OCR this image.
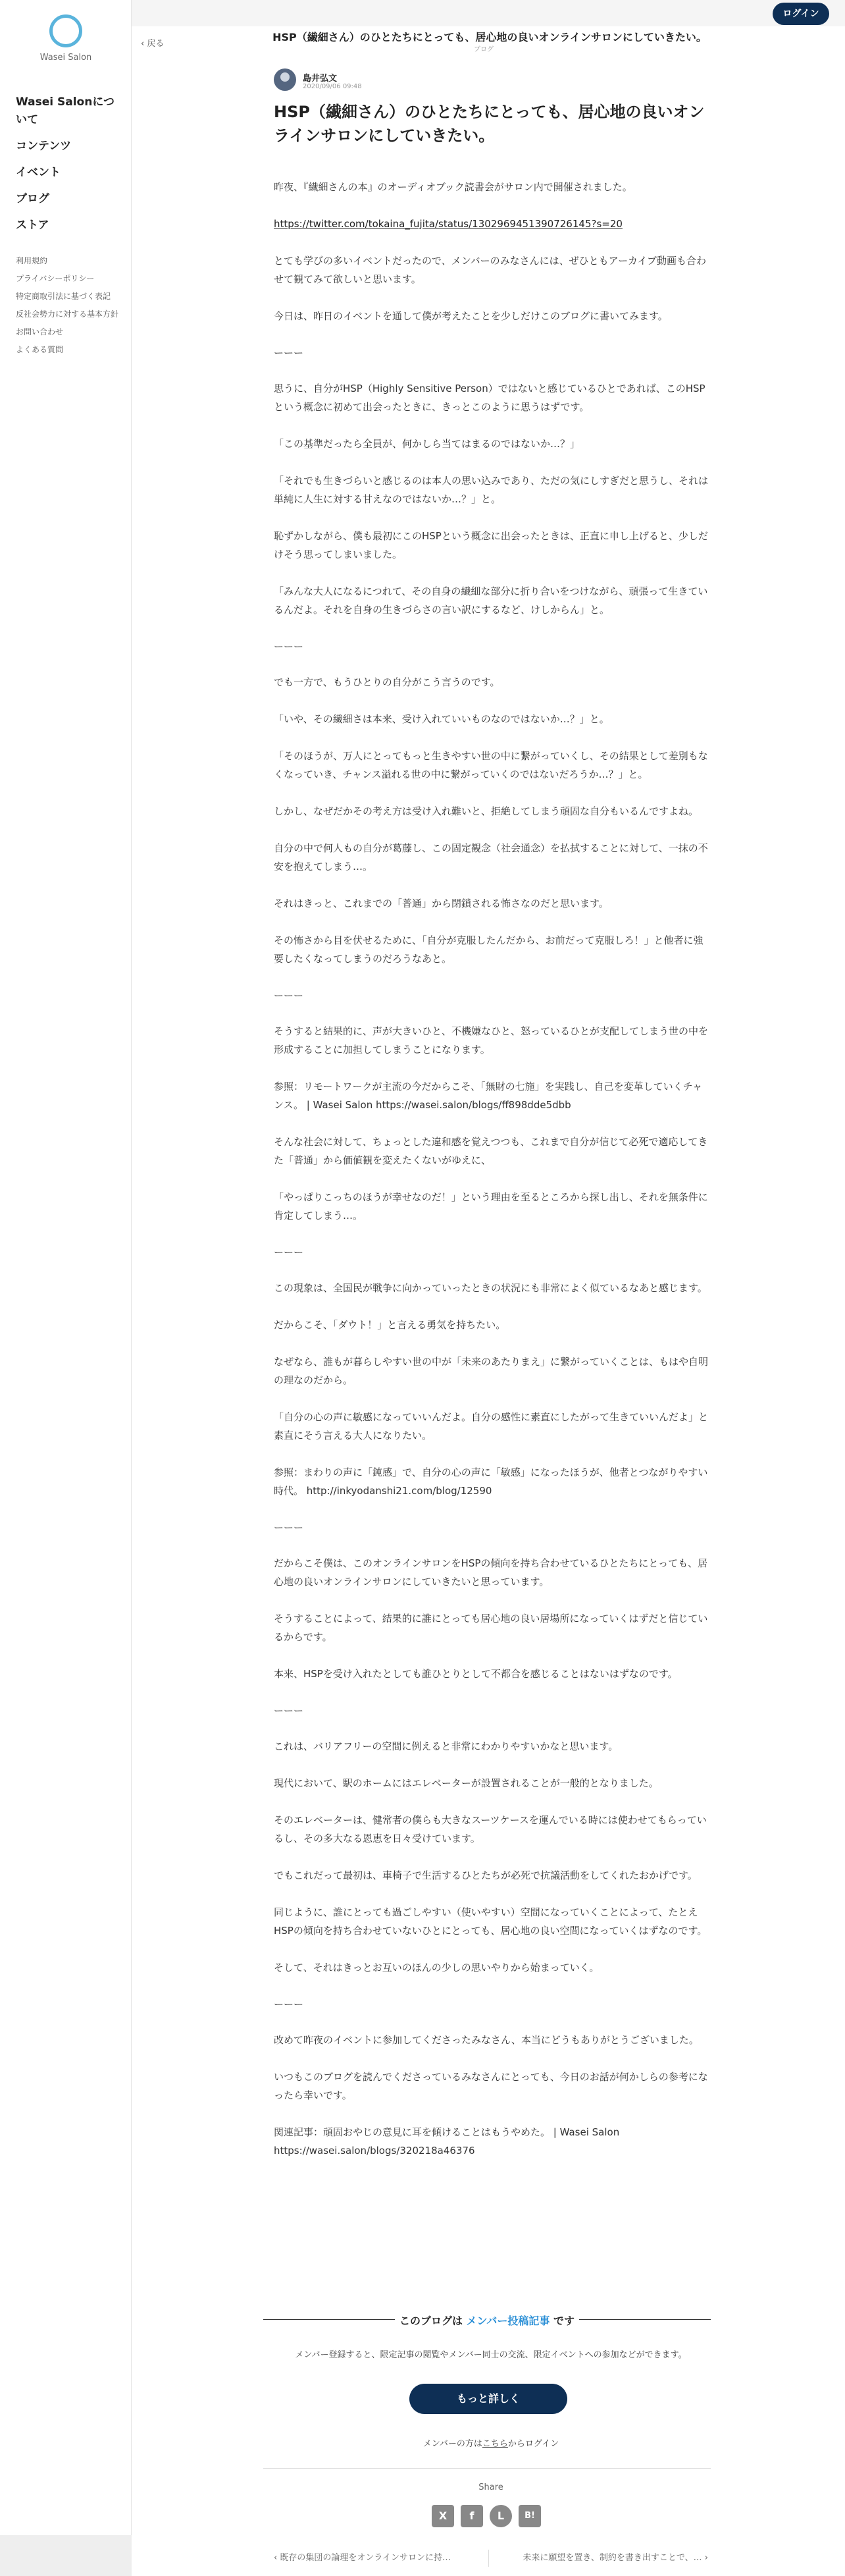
Wasei Salon
Wasei Salonについて
コンテンツ
イベント
ブログ
ストア
利用規約
プライバシーポリシー
特定商取引法に基づく表記
反社会勢力に対する基本方針
お問い合わせ
よくある質問
ログイン
‹ 戻る
HSP（繊細さん）のひとたちにとっても、居心地の良いオンラインサロンにしていきたい。
ブログ
島井弘文
2020/09/06 09:48
HSP（繊細さん）のひとたちにとっても、居心地の良いオンラインサロンにしていきたい。

昨夜、『繊細さんの本』のオーディオブック読書会がサロン内で開催されました。

https://twitter.com/tokaina_fujita/status/1302969451390726145?s=20

とても学びの多いイベントだったので、メンバーのみなさんには、ぜひともアーカイブ動画も合わせて観てみて欲しいと思います。

今日は、昨日のイベントを通して僕が考えたことを少しだけこのブログに書いてみます。

ーーー

思うに、自分がHSP（Highly Sensitive Person）ではないと感じているひとであれば、このHSPという概念に初めて出会ったときに、きっとこのように思うはずです。

「この基準だったら全員が、何かしら当てはまるのではないか…？」

「それでも生きづらいと感じるのは本人の思い込みであり、ただの気にしすぎだと思うし、それは単純に人生に対する甘えなのではないか…？」と。

恥ずかしながら、僕も最初にこのHSPという概念に出会ったときは、正直に申し上げると、少しだけそう思ってしまいました。

「みんな大人になるにつれて、その自身の繊細な部分に折り合いをつけながら、頑張って生きているんだよ。それを自身の生きづらさの言い訳にするなど、けしからん」と。

ーーー

でも一方で、もうひとりの自分がこう言うのです。

「いや、その繊細さは本来、受け入れていいものなのではないか…？」と。

「そのほうが、万人にとってもっと生きやすい世の中に繋がっていくし、その結果として差別もなくなっていき、チャンス溢れる世の中に繋がっていくのではないだろうか…？」と。

しかし、なぜだかその考え方は受け入れ難いと、拒絶してしまう頑固な自分もいるんですよね。

自分の中で何人もの自分が葛藤し、この固定観念（社会通念）を払拭することに対して、一抹の不安を抱えてしまう…。

それはきっと、これまでの「普通」から閉鎖される怖さなのだと思います。

その怖さから目を伏せるために、「自分が克服したんだから、お前だって克服しろ！」と他者に強要したくなってしまうのだろうなあと。

ーーー

そうすると結果的に、声が大きいひと、不機嫌なひと、怒っているひとが支配してしまう世の中を形成することに加担してしまうことになります。

参照：リモートワークが主流の今だからこそ、「無財の七施」を実践し、自己を変革していくチャンス。 | Wasei Salon https://wasei.salon/blogs/ff898dde5dbb

そんな社会に対して、ちょっとした違和感を覚えつつも、これまで自分が信じて必死で適応してきた「普通」から価値観を変えたくないがゆえに、

「やっぱりこっちのほうが幸せなのだ！」という理由を至るところから探し出し、それを無条件に肯定してしまう…。

ーーー

この現象は、全国民が戦争に向かっていったときの状況にも非常によく似ているなあと感じます。

だからこそ、「ダウト！」と言える勇気を持ちたい。

なぜなら、誰もが暮らしやすい世の中が「未来のあたりまえ」に繋がっていくことは、もはや自明の理なのだから。

「自分の心の声に敏感になっていいんだよ。自分の感性に素直にしたがって生きていいんだよ」と素直にそう言える大人になりたい。

参照：まわりの声に「鈍感」で、自分の心の声に「敏感」になったほうが、他者とつながりやすい時代。 http://inkyodanshi21.com/blog/12590

ーーー

だからこそ僕は、このオンラインサロンをHSPの傾向を持ち合わせているひとたちにとっても、居心地の良いオンラインサロンにしていきたいと思っています。

そうすることによって、結果的に誰にとっても居心地の良い居場所になっていくはずだと信じているからです。

本来、HSPを受け入れたとしても誰ひとりとして不都合を感じることはないはずなのです。

ーーー

これは、バリアフリーの空間に例えると非常にわかりやすいかなと思います。

現代において、駅のホームにはエレベーターが設置されることが一般的となりました。

そのエレベーターは、健常者の僕らも大きなスーツケースを運んでいる時には使わせてもらっているし、その多大なる恩恵を日々受けています。

でもこれだって最初は、車椅子で生活するひとたちが必死で抗議活動をしてくれたおかげです。

同じように、誰にとっても過ごしやすい（使いやすい）空間になっていくことによって、たとえHSPの傾向を持ち合わせていないひとにとっても、居心地の良い空間になっていくはずなのです。

そして、それはきっとお互いのほんの少しの思いやりから始まっていく。

ーーー

改めて昨夜のイベントに参加してくださったみなさん、本当にどうもありがとうございました。

いつもこのブログを読んでくださっているみなさんにとっても、今日のお話が何かしらの参考になったら幸いです。

関連記事：頑固おやじの意見に耳を傾けることはもうやめた。 | Wasei Salon https://wasei.salon/blogs/320218a46376

このブログは メンバー投稿記事 です
メンバー登録すると、限定記事の閲覧やメンバー同士の交流、限定イベントへの参加などができます。
もっと詳しく
メンバーの方はこちらからログイン
Share
X	f	L	B!
‹ 既存の集団の論理をオンラインサロンに持…	未来に願望を置き、制約を書き出すことで、… ›
